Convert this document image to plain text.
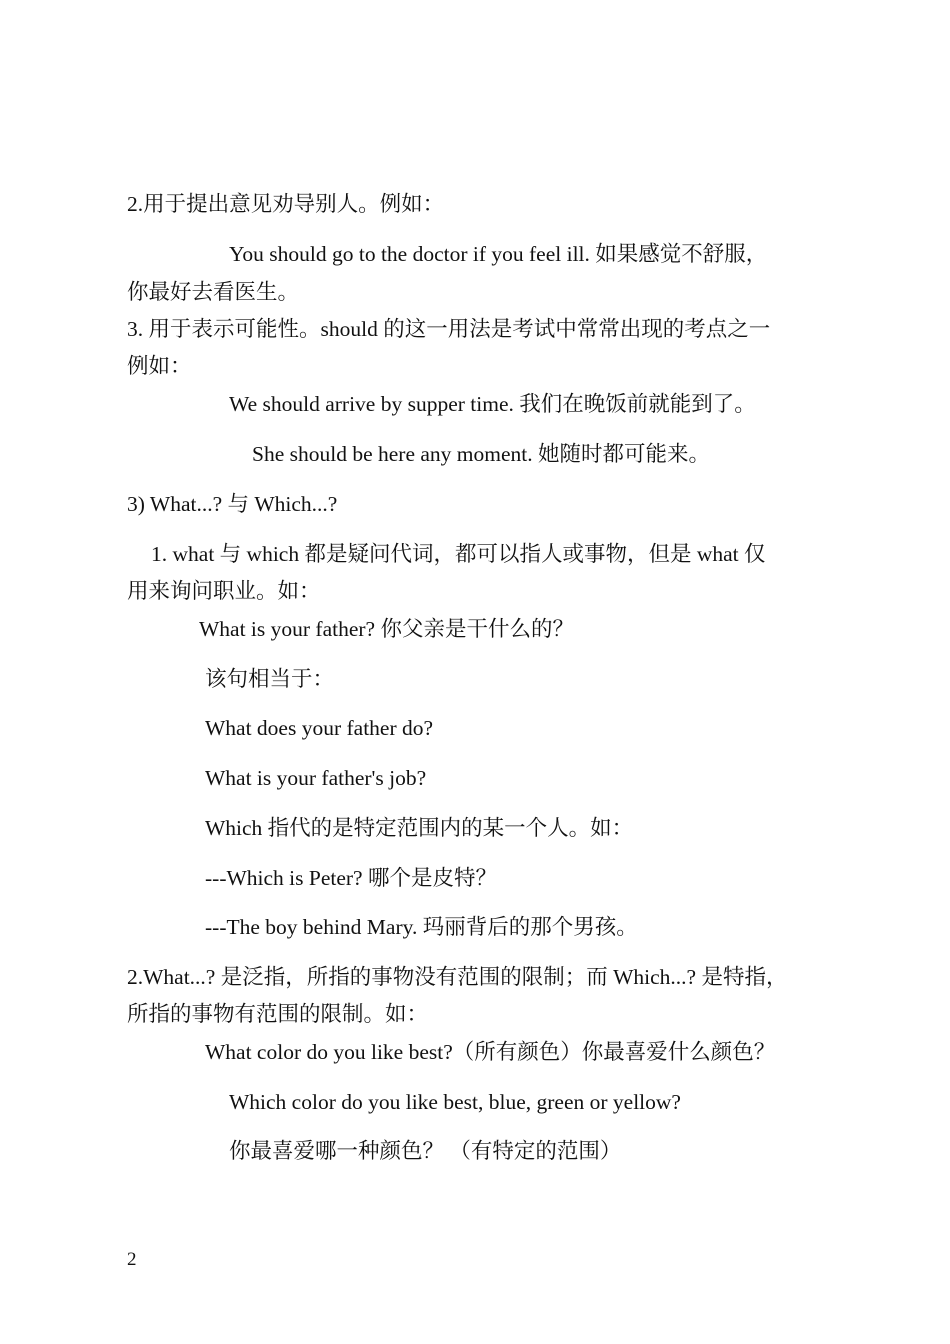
2.用于提出意见劝导别人。例如：
You should go to the doctor if you feel ill. 如果感觉不舒服，
你最好去看医生。
3. 用于表示可能性。should 的这一用法是考试中常常出现的考点之一
例如：
We should arrive by supper time. 我们在晚饭前就能到了。
She should be here any moment. 她随时都可能来。
3) What...? 与 Which...?
1. what 与 which 都是疑问代词，都可以指人或事物，但是 what 仅
用来询问职业。如：
What is your father? 你父亲是干什么的？
该句相当于：
What does your father do?
What is your father's job?
Which 指代的是特定范围内的某一个人。如：
---Which is Peter? 哪个是皮特？
---The boy behind Mary. 玛丽背后的那个男孩。
2.What...? 是泛指，所指的事物没有范围的限制；而 Which...? 是特指，
所指的事物有范围的限制。如：
What color do you like best?（所有颜色）你最喜爱什么颜色？
Which color do you like best, blue, green or yellow?
你最喜爱哪一种颜色？ （有特定的范围）
2
